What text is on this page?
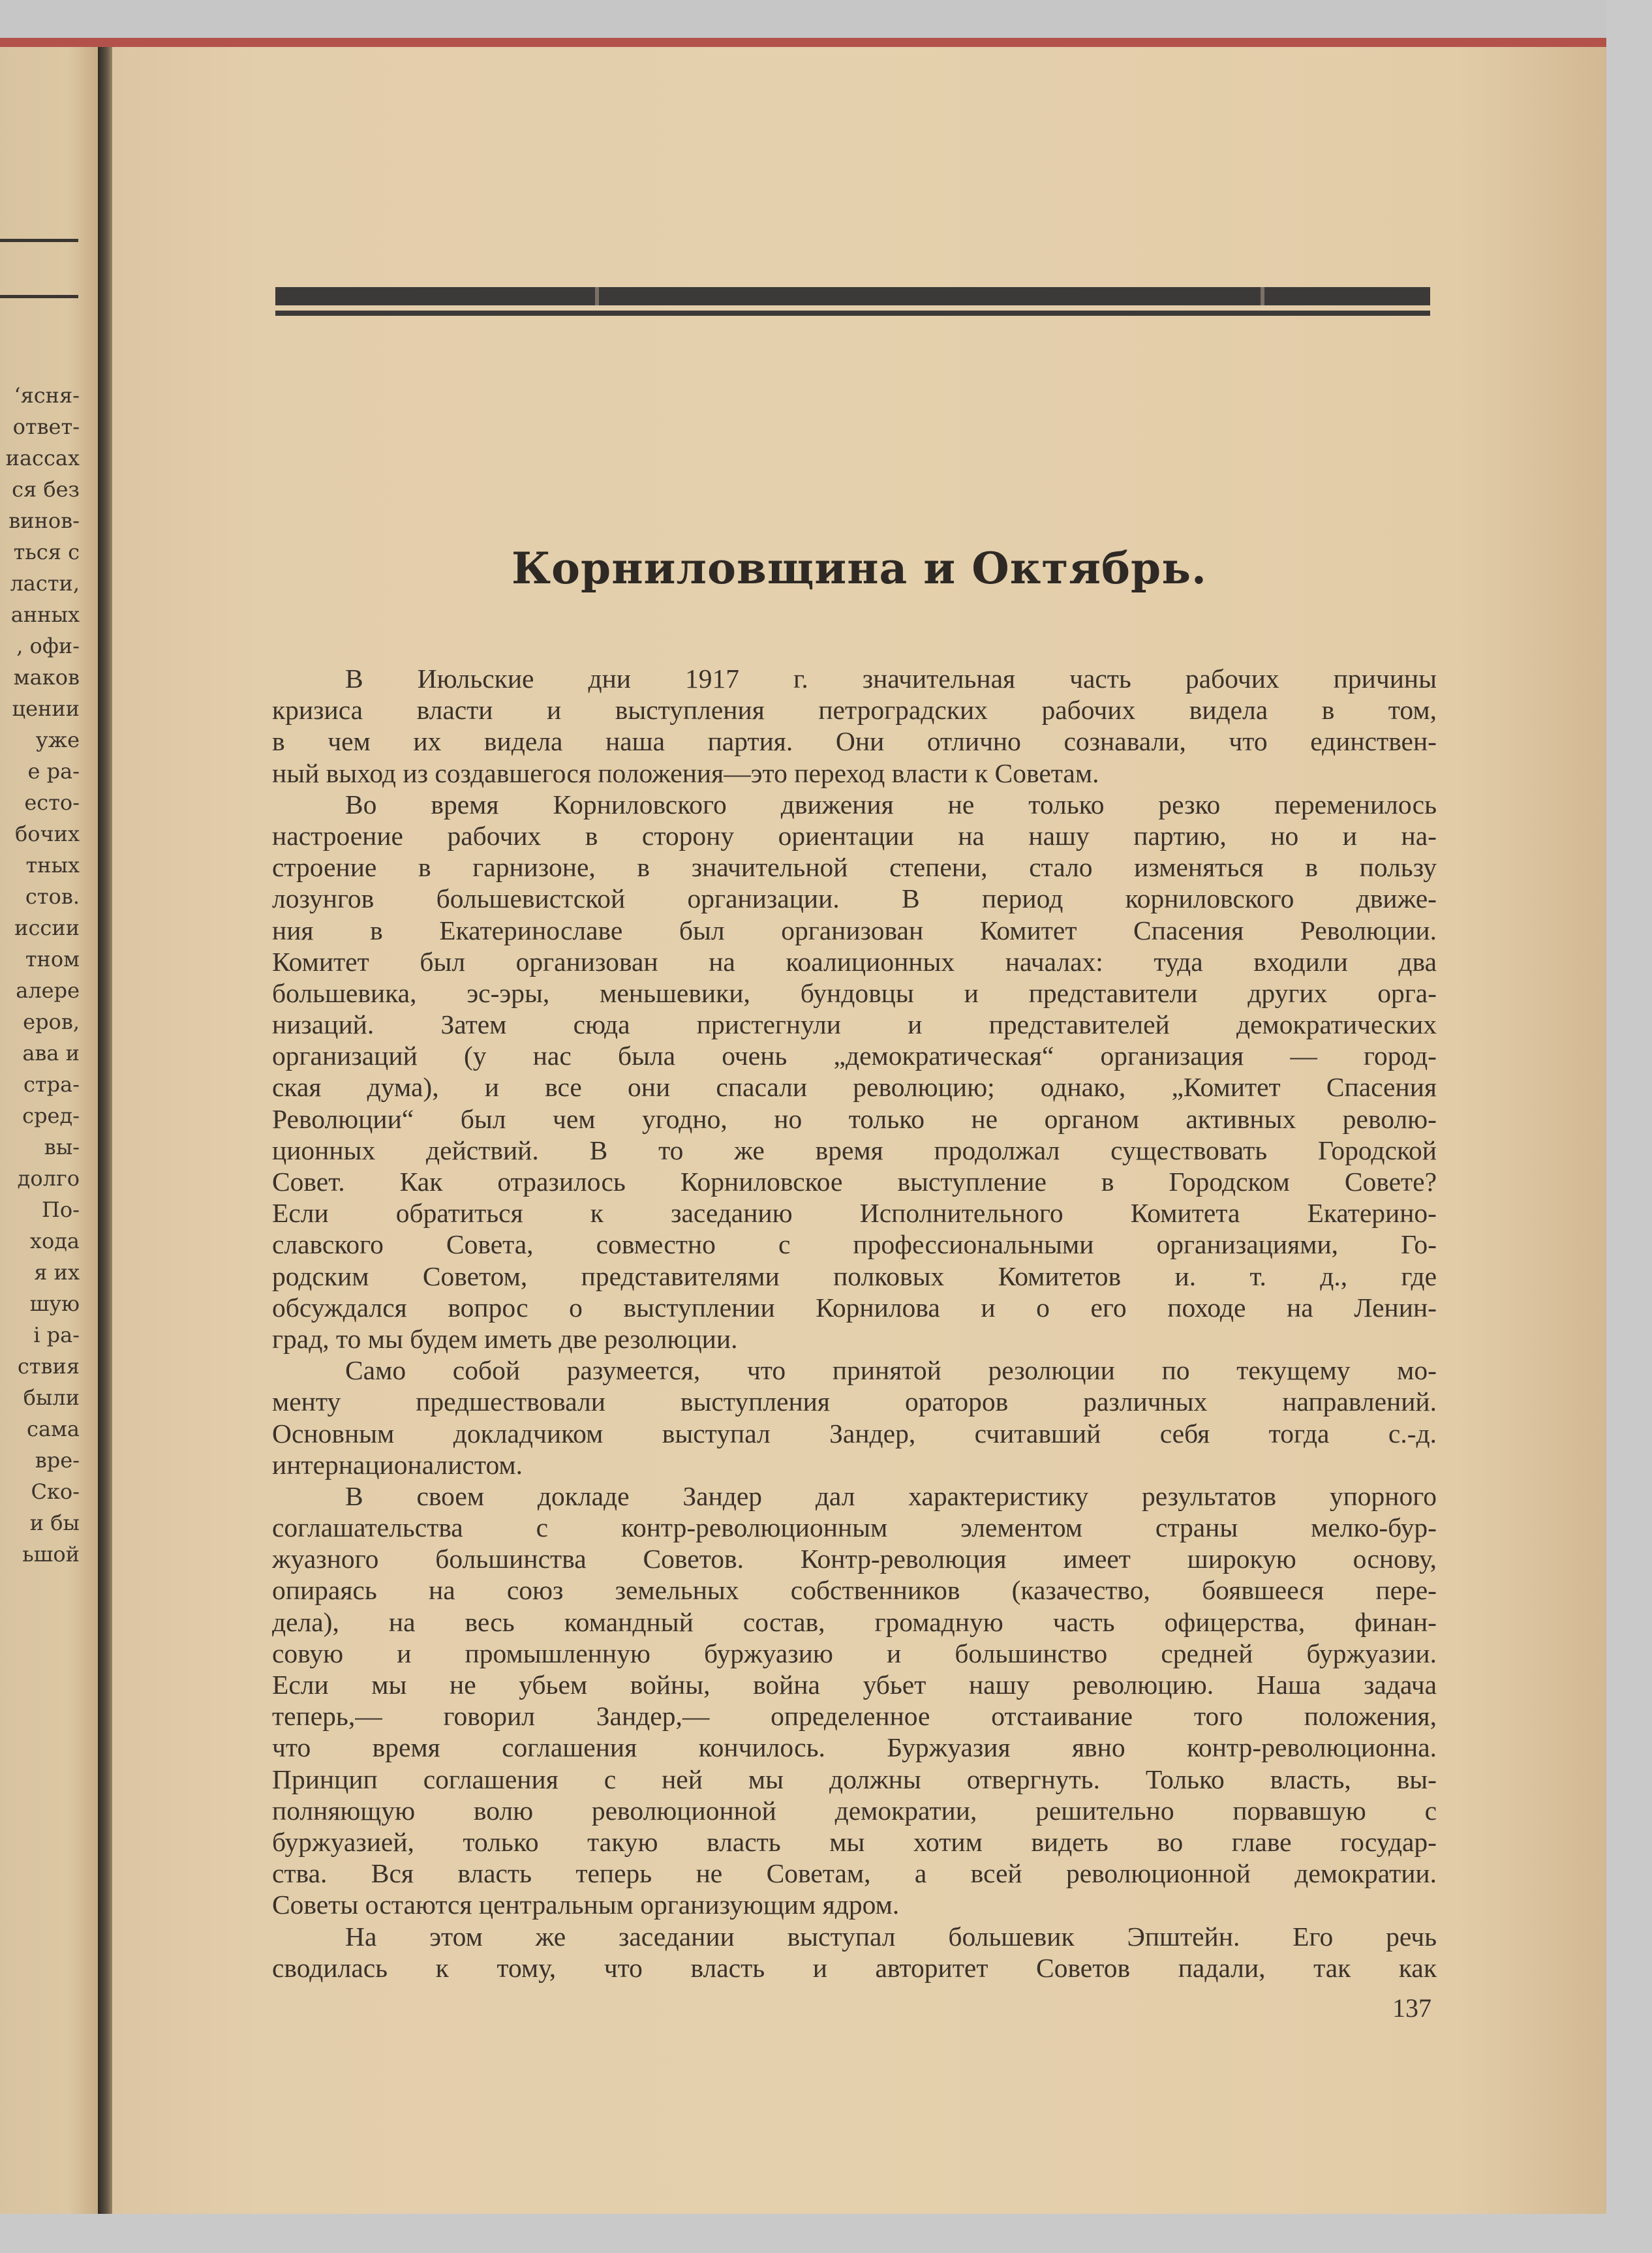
ʻясня-
ответ-
иассах
ся без
винов-
ться с
ласти,
анных
, офи-
маков
цении
уже
е ра-
есто-
бочих
тных
стов.
иссии
тном
алере
еров,
ава и
стра-
сред-
вы-
долго
По-
хода
я их
шую
і ра-
ствия
были
сама
вре-
Ско-
и бы
ьшой
Корниловщина и Октябрь.
В Июльские дни 1917 г. значительная часть рабочих причины
кризиса власти и выступления петроградских рабочих видела в том,
в чем их видела наша партия. Они отлично сознавали, что единствен-
ный выход из создавшегося положения—это переход власти к Советам.
Во время Корниловского движения не только резко переменилось
настроение рабочих в сторону ориентации на нашу партию, но и на-
строение в гарнизоне, в значительной степени, стало изменяться в пользу
лозунгов большевистской организации. В период корниловского движе-
ния в Екатеринославе был организован Комитет Спасения Революции.
Комитет был организован на коалиционных началах: туда входили два
большевика, эс-эры, меньшевики, бундовцы и представители других орга-
низаций. Затем сюда пристегнули и представителей демократических
организаций (у нас была очень „демократическая“ организация — город-
ская дума), и все они спасали революцию; однако, „Комитет Спасения
Революции“ был чем угодно, но только не органом активных револю-
ционных действий. В то же время продолжал существовать Городской
Совет. Как отразилось Корниловское выступление в Городском Совете?
Если обратиться к заседанию Исполнительного Комитета Екатерино-
славского Совета, совместно с профессиональными организациями, Го-
родским Советом, представителями полковых Комитетов и. т. д., где
обсуждался вопрос о выступлении Корнилова и о его походе на Ленин-
град, то мы будем иметь две резолюции.
Само собой разумеется, что принятой резолюции по текущему мо-
менту предшествовали выступления ораторов различных направлений.
Основным докладчиком выступал Зандер, считавший себя тогда с.-д.
интернационалистом.
В своем докладе Зандер дал характеристику результатов упорного
соглашательства с контр-революционным элементом страны мелко-бур-
жуазного большинства Советов. Контр-революция имеет широкую основу,
опираясь на союз земельных собственников (казачество, боявшееся пере-
дела), на весь командный состав, громадную часть офицерства, финан-
совую и промышленную буржуазию и большинство средней буржуазии.
Если мы не убьем войны, война убьет нашу революцию. Наша задача
теперь,— говорил Зандер,— определенное отстаивание того положения,
что время соглашения кончилось. Буржуазия явно контр-революционна.
Принцип соглашения с ней мы должны отвергнуть. Только власть, вы-
полняющую волю революционной демократии, решительно порвавшую с
буржуазией, только такую власть мы хотим видеть во главе государ-
ства. Вся власть теперь не Советам, а всей революционной демократии.
Советы остаются центральным организующим ядром.
На этом же заседании выступал большевик Эпштейн. Его речь
сводилась к тому, что власть и авторитет Советов падали, так как
137
